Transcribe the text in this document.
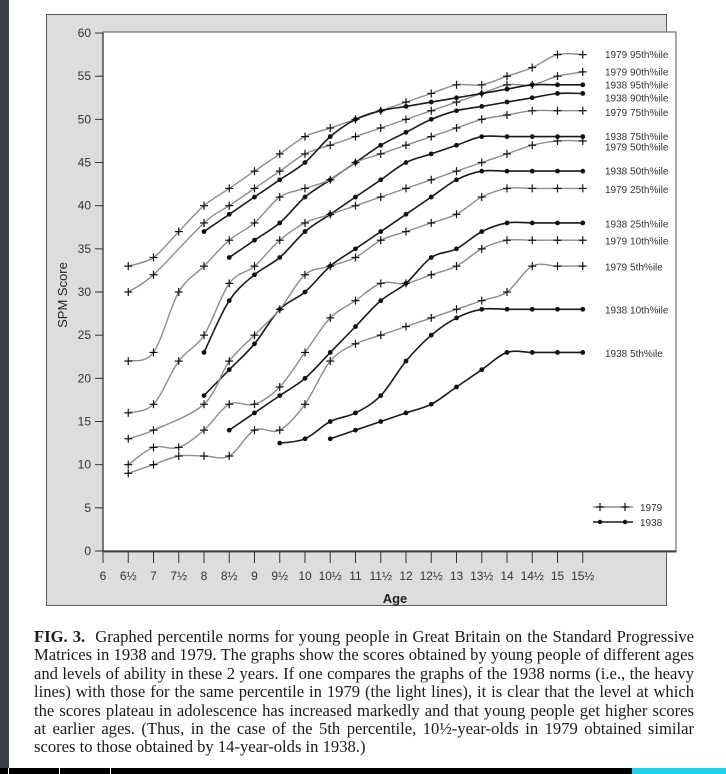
0
5
10
15
20
25
30
35
40
45
50
55
60
6 6½ 7 7½ 8 8½ 9 9½ 10 10½ 11 11½ 12 12½ 13 13½ 14 14½ 15 15½
1979 95th%ile
1979 90th%ile
1938 95th%ile
1938 90th%ile
1979 75th%ile
1938 75th%ile
1979 50th%ile
1938 50th%ile
1979 25th%ile
1938 25th%ile
1979 10th%ile
1979 5th%ile
1938 10th%ile
1938 5th%ile
1979
1938
Age
SPM Score
FIG. 3. Graphed percentile norms for young people in Great Britain on the Standard Progressive Matrices in 1938 and 1979. The graphs show the scores obtained by young people of different ages and levels of ability in these 2 years. If one compares the graphs of the 1938 norms (i.e., the heavy lines) with those for the same percentile in 1979 (the light lines), it is clear that the level at which the scores plateau in adolescence has increased markedly and that young people get higher scores at earlier ages. (Thus, in the case of the 5th percentile, 10½-year-olds in 1979 obtained similar scores to those obtained by 14-year-olds in 1938.)
